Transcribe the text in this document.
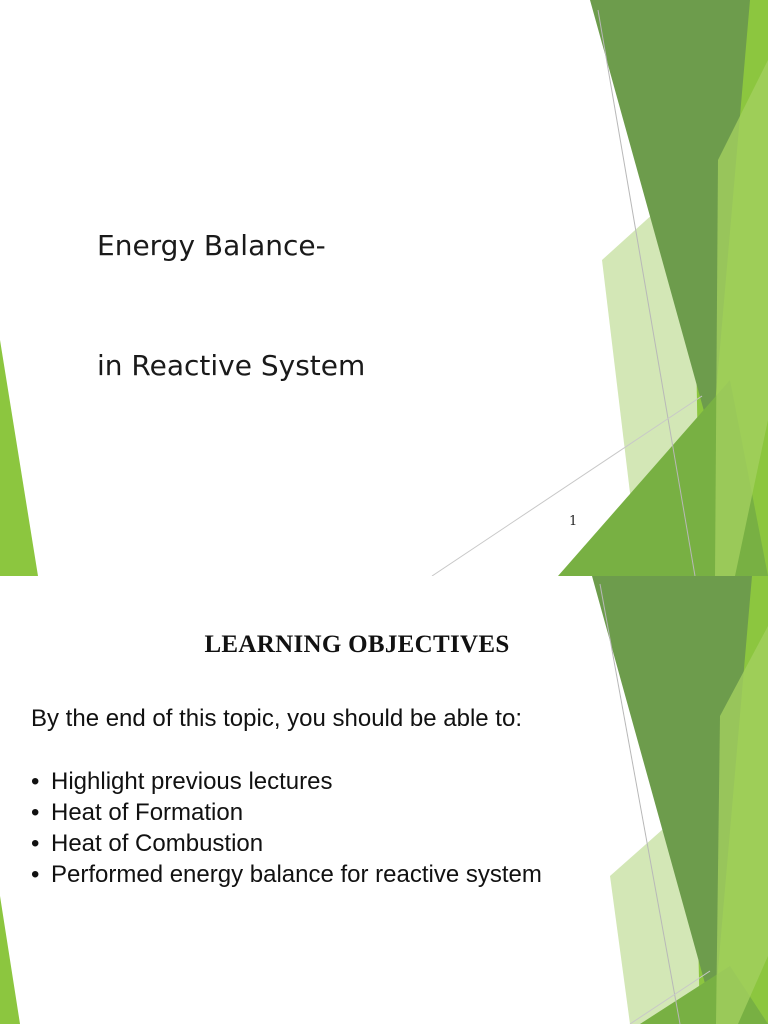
Energy Balance-

in Reactive System

1
LEARNING OBJECTIVES
By the end of this topic, you should be able to:
• Highlight previous lectures
• Heat of Formation
• Heat of Combustion
• Performed energy balance for reactive system
